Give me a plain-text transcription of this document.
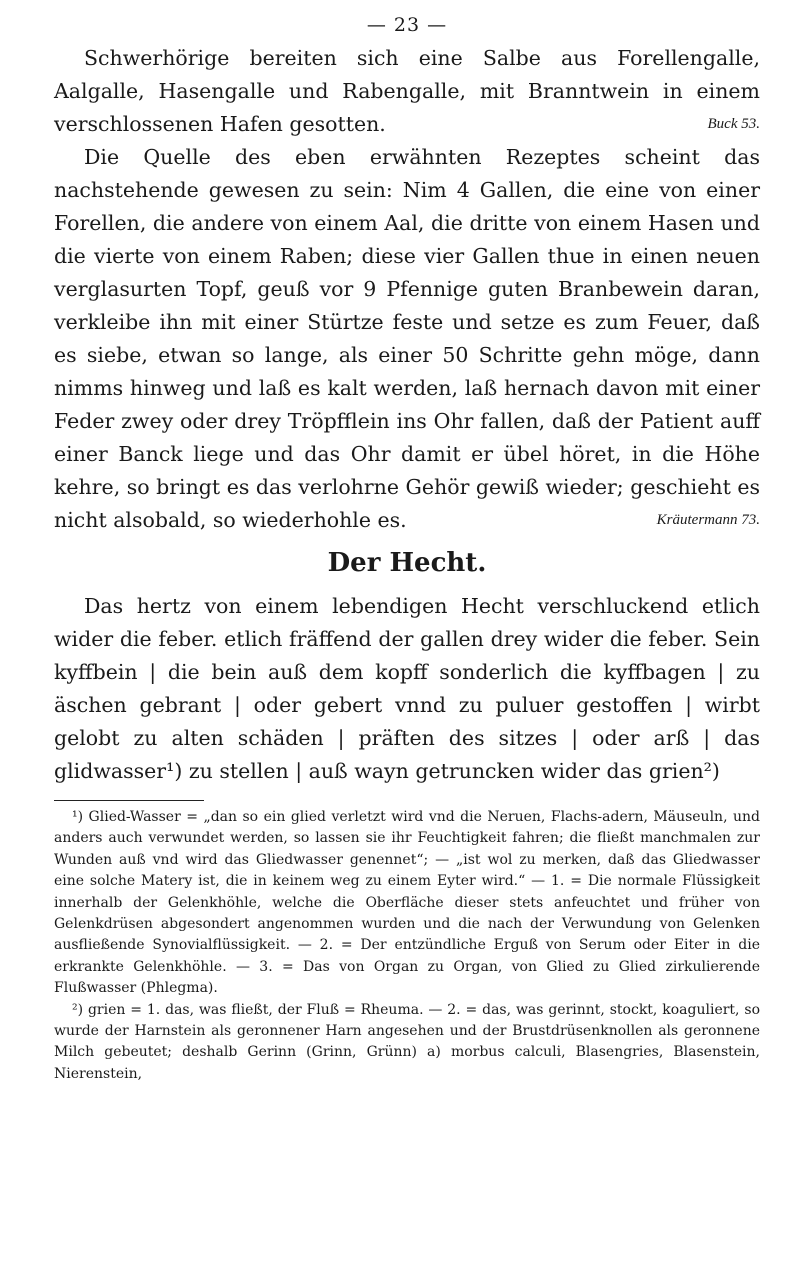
— 23 —

Schwerhörige bereiten sich eine Salbe aus Forellengalle, Aalgalle, Hasengalle und Rabengalle, mit Branntwein in einem verschlossenen Hafen gesotten.	Buck 53.

Die Quelle des eben erwähnten Rezeptes scheint das nachstehende gewesen zu sein: Nim 4 Gallen, die eine von einer Forellen, die andere von einem Aal, die dritte von einem Hasen und die vierte von einem Raben; diese vier Gallen thue in einen neuen verglasurten Topf, geuß vor 9 Pfennige guten Branbewein daran, verkleibe ihn mit einer Stürtze feste und setze es zum Feuer, daß es siebe, etwan so lange, als einer 50 Schritte gehn möge, dann nimms hinweg und laß es kalt werden, laß hernach davon mit einer Feder zwey oder drey Tröpfflein ins Ohr fallen, daß der Patient auff einer Banck liege und das Ohr damit er übel höret, in die Höhe kehre, so bringt es das verlohrne Gehör gewiß wieder; geschieht es nicht alsobald, so wiederhohle es.	Kräutermann 73.

Der Hecht.

Das hertz von einem lebendigen Hecht verschluckend etlich wider die feber. etlich fräffend der gallen drey wider die feber. Sein kyffbein | die bein auß dem kopff sonderlich die kyffbagen | zu äschen gebrant | oder gebert vnnd zu puluer gestoffen | wirbt gelobt zu alten schäden | präften des sitzes | oder arß | das glidwasser¹) zu stellen | auß wayn getruncken wider das grien²)

¹) Glied-Wasser = „dan so ein glied verletzt wird vnd die Neruen, Flachs-adern, Mäuseuln, und anders auch verwundet werden, so lassen sie ihr Feuchtigkeit fahren; die fließt manchmalen zur Wunden auß vnd wird das Gliedwasser genennet“; — „ist wol zu merken, daß das Gliedwasser eine solche Matery ist, die in keinem weg zu einem Eyter wird.“ — 1. = Die normale Flüssigkeit innerhalb der Gelenkhöhle, welche die Oberfläche dieser stets anfeuchtet und früher von Gelenkdrüsen abgesondert angenommen wurden und die nach der Verwundung von Gelenken ausfließende Synovialflüssigkeit. — 2. = Der entzündliche Erguß von Serum oder Eiter in die erkrankte Gelenkhöhle. — 3. = Das von Organ zu Organ, von Glied zu Glied zirkulierende Flußwasser (Phlegma).

²) grien = 1. das, was fließt, der Fluß = Rheuma. — 2. = das, was gerinnt, stockt, koaguliert, so wurde der Harnstein als geronnener Harn angesehen und der Brustdrüsenknollen als geronnene Milch gebeutet; deshalb Gerinn (Grinn, Grünn) a) morbus calculi, Blasengries, Blasenstein, Nierenstein,
